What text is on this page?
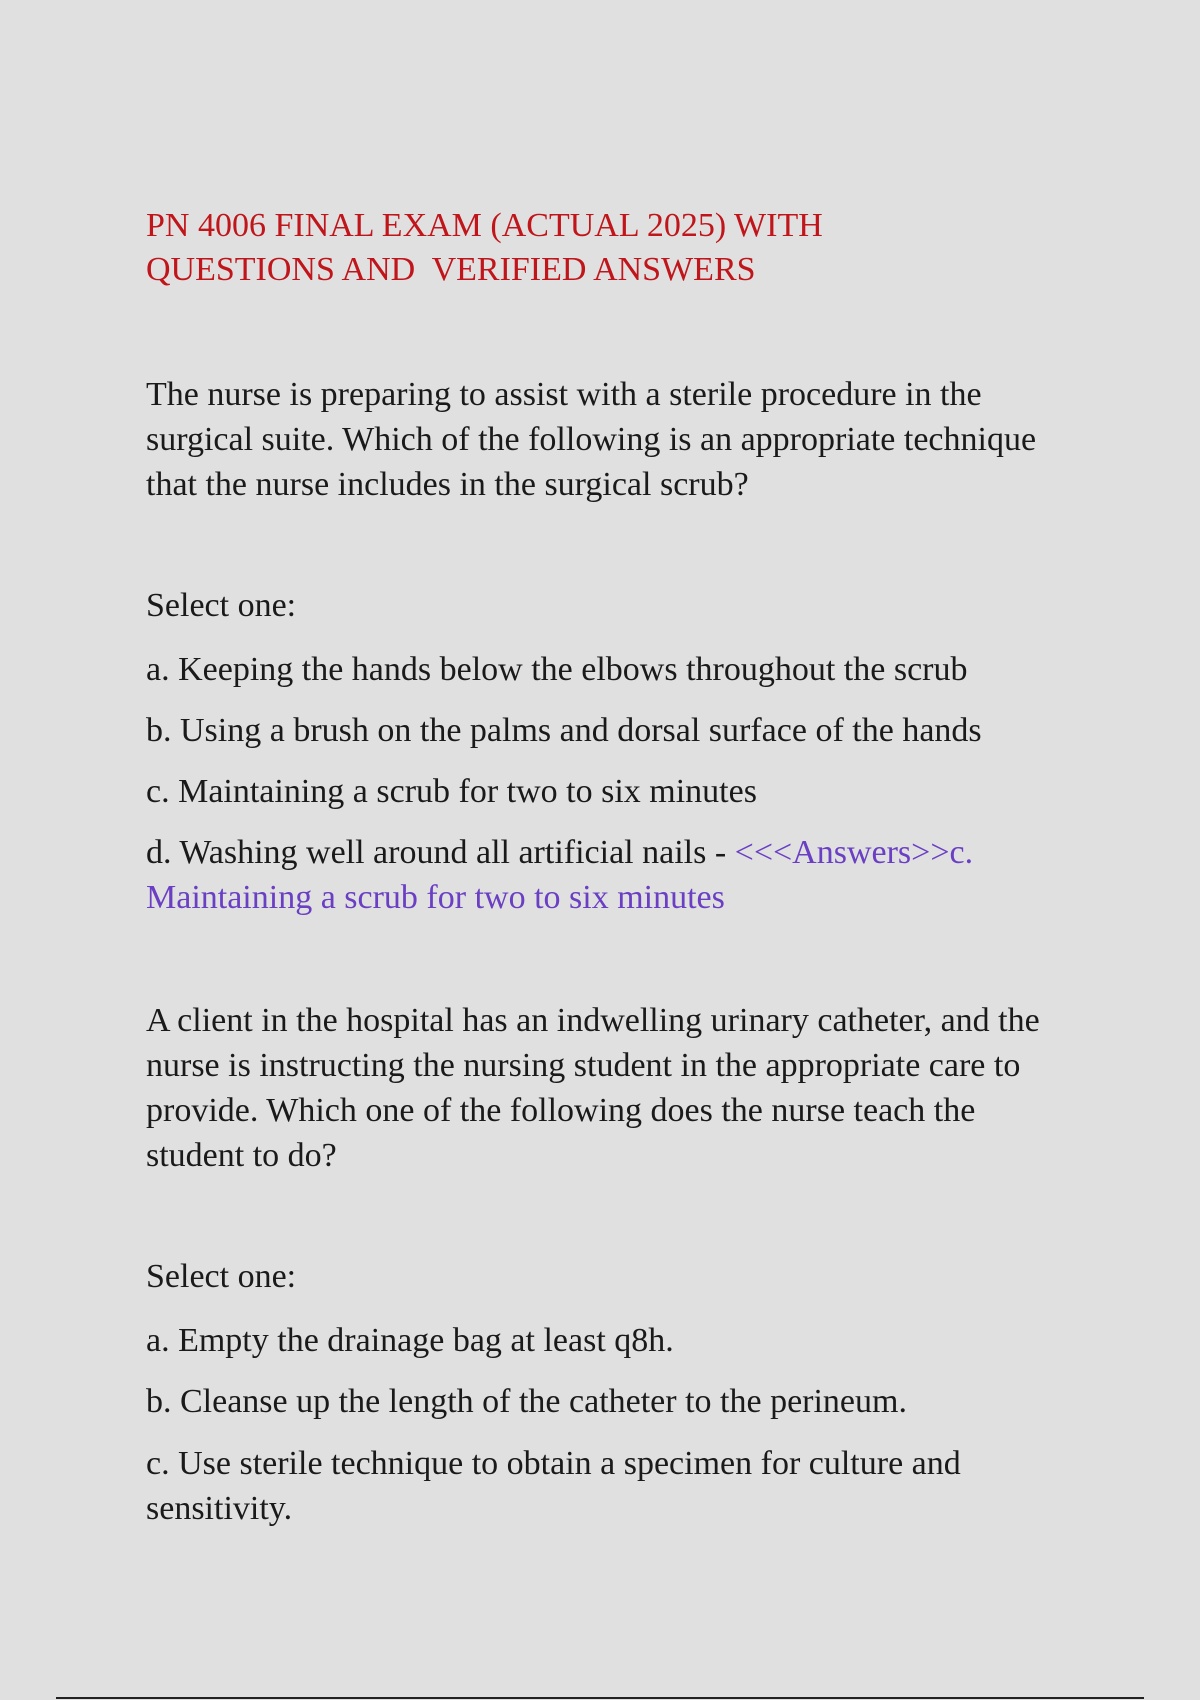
PN 4006 FINAL EXAM (ACTUAL 2025) WITH
QUESTIONS AND  VERIFIED ANSWERS

The nurse is preparing to assist with a sterile procedure in the surgical suite. Which of the following is an appropriate technique that the nurse includes in the surgical scrub?

Select one:

a. Keeping the hands below the elbows throughout the scrub

b. Using a brush on the palms and dorsal surface of the hands

c. Maintaining a scrub for two to six minutes

d. Washing well around all artificial nails - <<<Answers>>c. Maintaining a scrub for two to six minutes

A client in the hospital has an indwelling urinary catheter, and the nurse is instructing the nursing student in the appropriate care to provide. Which one of the following does the nurse teach the student to do?

Select one:

a. Empty the drainage bag at least q8h.

b. Cleanse up the length of the catheter to the perineum.

c. Use sterile technique to obtain a specimen for culture and sensitivity.
